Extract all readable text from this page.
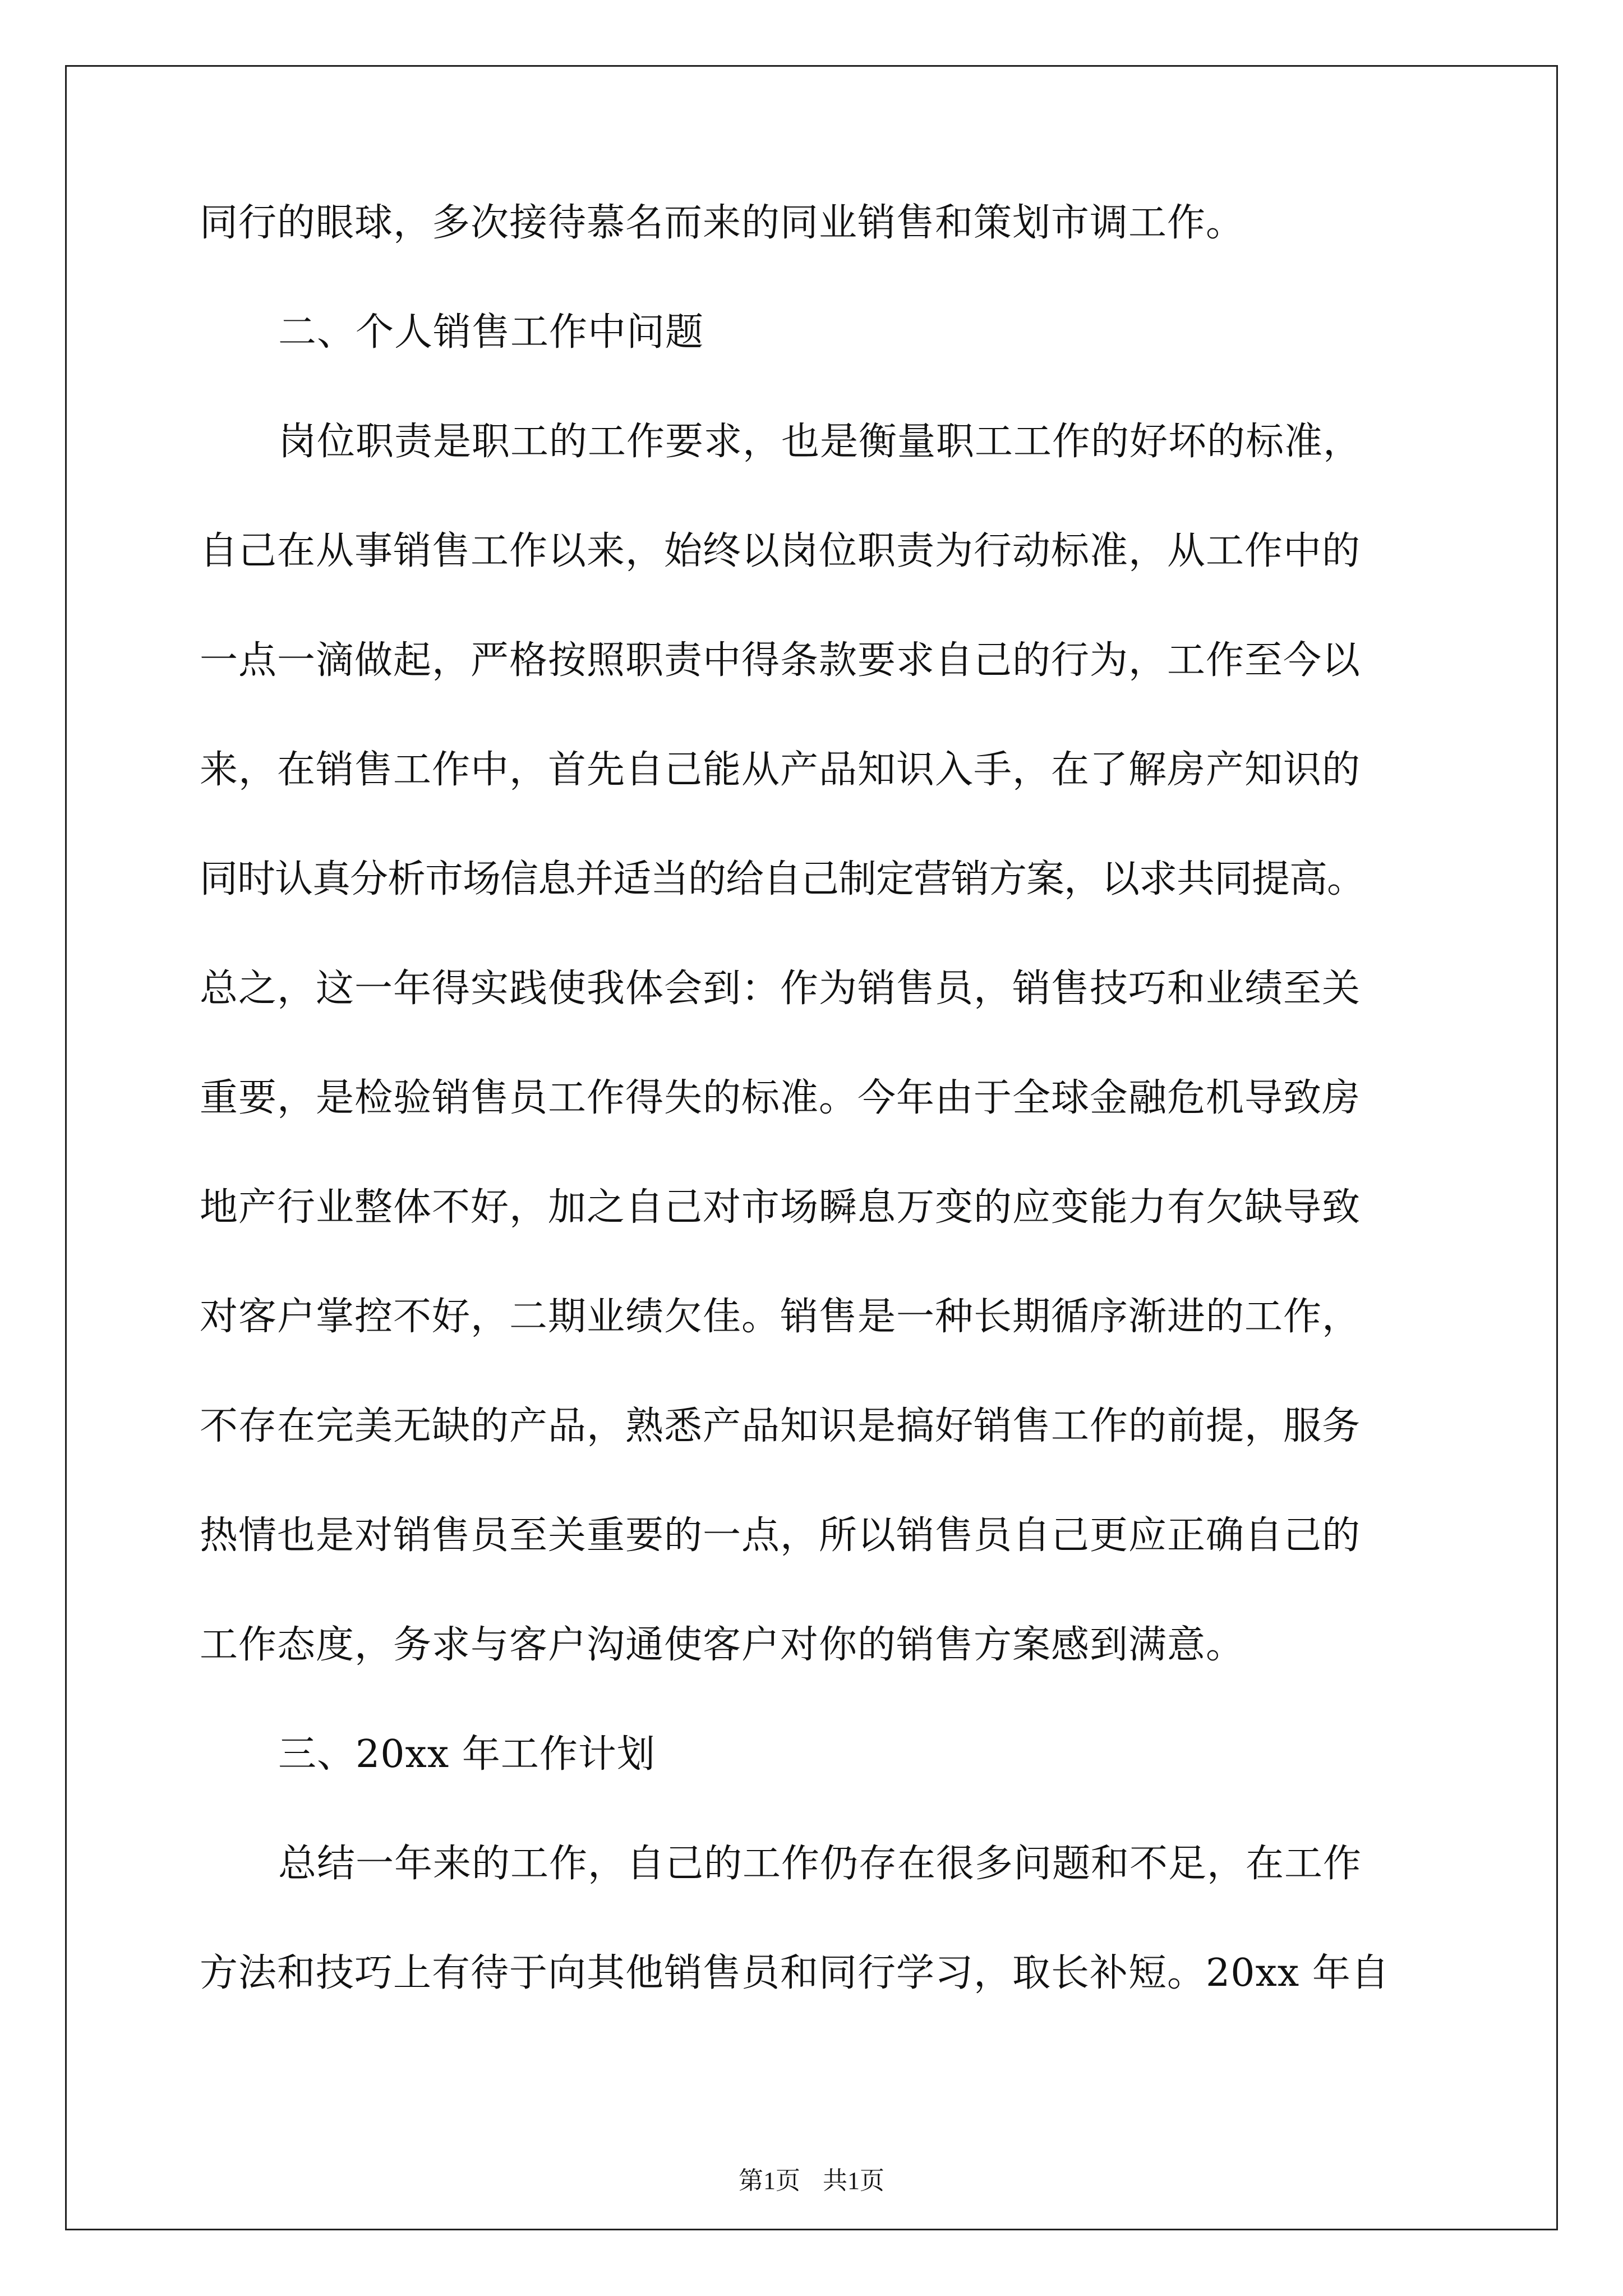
同行的眼球，多次接待慕名而来的同业销售和策划市调工作。
二、个人销售工作中问题
岗位职责是职工的工作要求，也是衡量职工工作的好坏的标准，
自己在从事销售工作以来，始终以岗位职责为行动标准，从工作中的
一点一滴做起，严格按照职责中得条款要求自己的行为，工作至今以
来，在销售工作中，首先自己能从产品知识入手，在了解房产知识的
同时认真分析市场信息并适当的给自己制定营销方案，以求共同提高。
总之，这一年得实践使我体会到：作为销售员，销售技巧和业绩至关
重要，是检验销售员工作得失的标准。今年由于全球金融危机导致房
地产行业整体不好，加之自己对市场瞬息万变的应变能力有欠缺导致
对客户掌控不好，二期业绩欠佳。销售是一种长期循序渐进的工作，
不存在完美无缺的产品，熟悉产品知识是搞好销售工作的前提，服务
热情也是对销售员至关重要的一点，所以销售员自己更应正确自己的
工作态度，务求与客户沟通使客户对你的销售方案感到满意。
三、20xx 年工作计划
总结一年来的工作，自己的工作仍存在很多问题和不足，在工作
方法和技巧上有待于向其他销售员和同行学习，取长补短。20xx 年自
第1页 共1页
